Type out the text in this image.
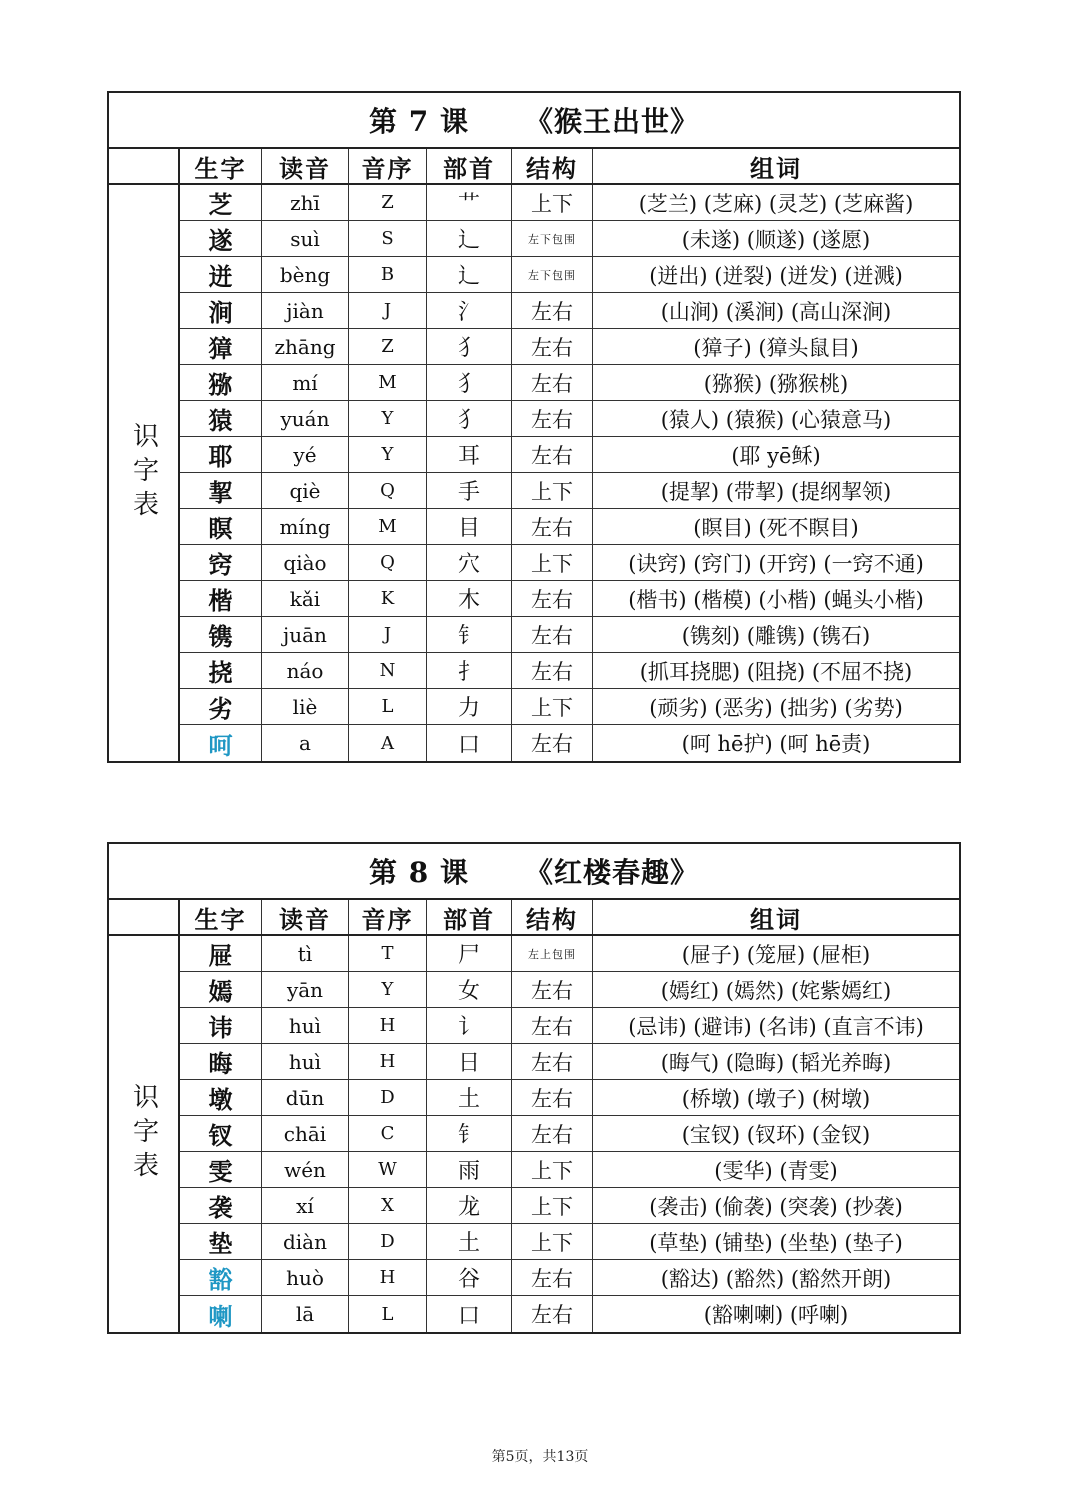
第 7 课 《猴王出世》
生字	读音	音序	部首	结构	组词
识字表
芝	zhī	Z	艹 上下	(芝兰) (芝麻) (灵芝) (芝麻酱)
遂	suì	S	辶	左下包围	(未遂) (顺遂) (遂愿)
迸 bèng	B	辶	左下包围	(迸出) (迸裂) (迸发) (迸溅)
涧	jiàn	J	氵 左右	(山涧) (溪涧) (高山深涧)
獐 zhāng	Z	犭 左右	(獐子) (獐头鼠目)
猕	mí	M	犭 左右	(猕猴) (猕猴桃)
猿 yuán	Y	犭 左右	(猿人) (猿猴) (心猿意马)
耶	yé	Y	耳 左右	(耶 yē稣)
挈	qiè	Q	手 上下	(提挈) (带挈) (提纲挈领)
瞑 míng	M	目 左右	(瞑目) (死不瞑目)
窍	qiào	Q	穴 上下	(诀窍) (窍门) (开窍) (一窍不通)
楷	kǎi	K	木 左右	(楷书) (楷模) (小楷) (蝇头小楷)
镌	juān	J	钅 左右	(镌刻) (雕镌) (镌石)
挠	náo	N	扌 左右	(抓耳挠腮) (阻挠) (不屈不挠)
劣	liè	L	力 上下	(顽劣) (恶劣) (拙劣) (劣势)
呵	a	A	口 左右	(呵 hē护) (呵 hē责)
第 8 课 《红楼春趣》
生字	读音	音序	部首	结构	组词
识字表
屉	tì	T	尸	左上包围	(屉子) (笼屉) (屉柜)
嫣	yān	Y	女 左右	(嫣红) (嫣然) (姹紫嫣红)
讳	huì	H	讠 左右	(忌讳) (避讳) (名讳) (直言不讳)
晦	huì	H	日 左右	(晦气) (隐晦) (韬光养晦)
墩	dūn	D	土 左右	(桥墩) (墩子) (树墩)
钗	chāi	C	钅 左右	(宝钗) (钗环) (金钗)
雯	wén	W	雨 上下	(雯华) (青雯)
袭	xí	X	龙 上下	(袭击) (偷袭) (突袭) (抄袭)
垫	diàn	D	土 上下	(草垫) (铺垫) (坐垫) (垫子)
豁	huò	H	谷 左右	(豁达) (豁然) (豁然开朗)
喇	lā	L	口 左右	(豁喇喇) (呼喇)
第5页，共13页
